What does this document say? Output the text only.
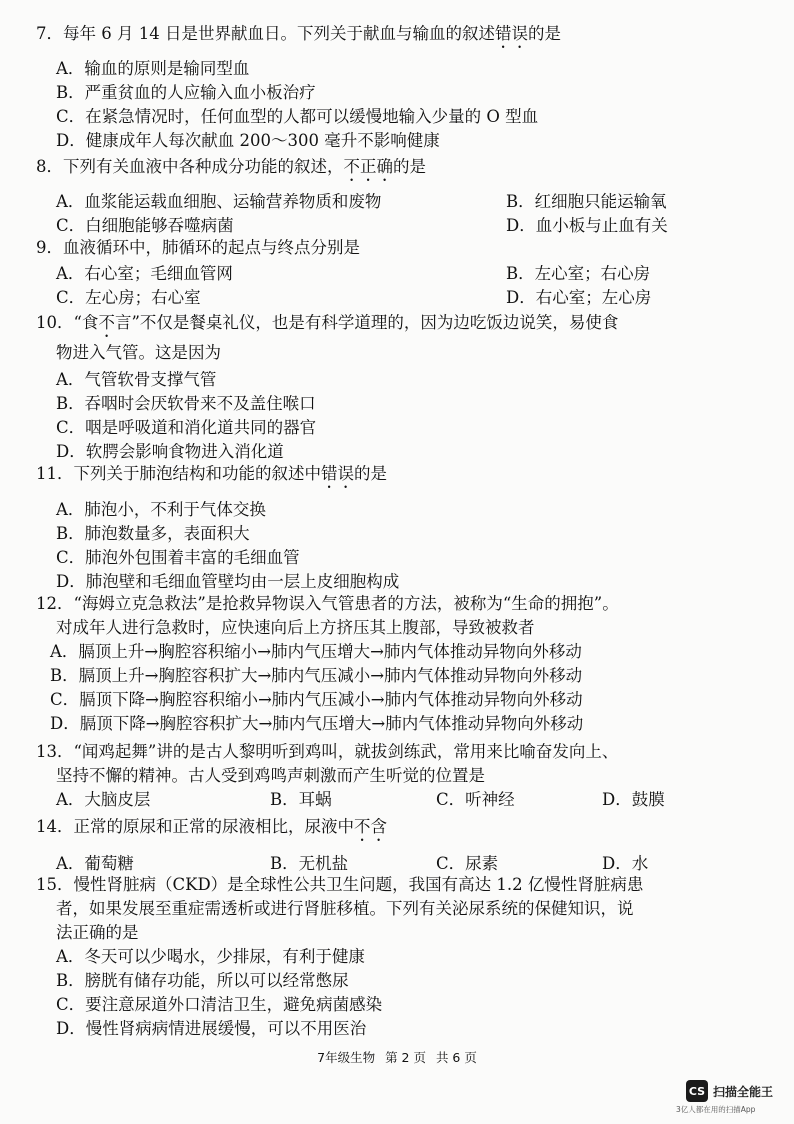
7．每年 6 月 14 日是世界献血日。下列关于献血与输血的叙述错误的是
A．输血的原则是输同型血
B．严重贫血的人应输入血小板治疗
C．在紧急情况时，任何血型的人都可以缓慢地输入少量的 O 型血
D．健康成年人每次献血 200～300 毫升不影响健康
8．下列有关血液中各种成分功能的叙述，不正确的是
A．血浆能运载血细胞、运输营养物质和废物	B．红细胞只能运输氧
C．白细胞能够吞噬病菌	D．血小板与止血有关
9．血液循环中，肺循环的起点与终点分别是
A．右心室；毛细血管网	B．左心室；右心房
C．左心房；右心室	D．右心室；左心房
10．“食不言”不仅是餐桌礼仪，也是有科学道理的，因为边吃饭边说笑，易使食
物进入气管。这是因为
A．气管软骨支撑气管
B．吞咽时会厌软骨来不及盖住喉口
C．咽是呼吸道和消化道共同的器官
D．软腭会影响食物进入消化道
11．下列关于肺泡结构和功能的叙述中错误的是
A．肺泡小，不利于气体交换
B．肺泡数量多，表面积大
C．肺泡外包围着丰富的毛细血管
D．肺泡壁和毛细血管壁均由一层上皮细胞构成
12．“海姆立克急救法”是抢救异物误入气管患者的方法，被称为“生命的拥抱”。
对成年人进行急救时，应快速向后上方挤压其上腹部，导致被救者
A．膈顶上升→胸腔容积缩小→肺内气压增大→肺内气体推动异物向外移动
B．膈顶上升→胸腔容积扩大→肺内气压减小→肺内气体推动异物向外移动
C．膈顶下降→胸腔容积缩小→肺内气压减小→肺内气体推动异物向外移动
D．膈顶下降→胸腔容积扩大→肺内气压增大→肺内气体推动异物向外移动
13．“闻鸡起舞”讲的是古人黎明听到鸡叫，就拔剑练武，常用来比喻奋发向上、
坚持不懈的精神。古人受到鸡鸣声刺激而产生听觉的位置是
A．大脑皮层	B．耳蜗	C．听神经	D．鼓膜
14．正常的原尿和正常的尿液相比，尿液中不含
A．葡萄糖	B．无机盐	C．尿素	D．水
15．慢性肾脏病（CKD）是全球性公共卫生问题，我国有高达 1.2 亿慢性肾脏病患
者，如果发展至重症需透析或进行肾脏移植。下列有关泌尿系统的保健知识，说
法正确的是
A．冬天可以少喝水，少排尿，有利于健康
B．膀胱有储存功能，所以可以经常憋尿
C．要注意尿道外口清洁卫生，避免病菌感染
D．慢性肾病病情进展缓慢，可以不用医治
7年级生物 第 2 页 共 6 页
CS 扫描全能王
3亿人都在用的扫描App
